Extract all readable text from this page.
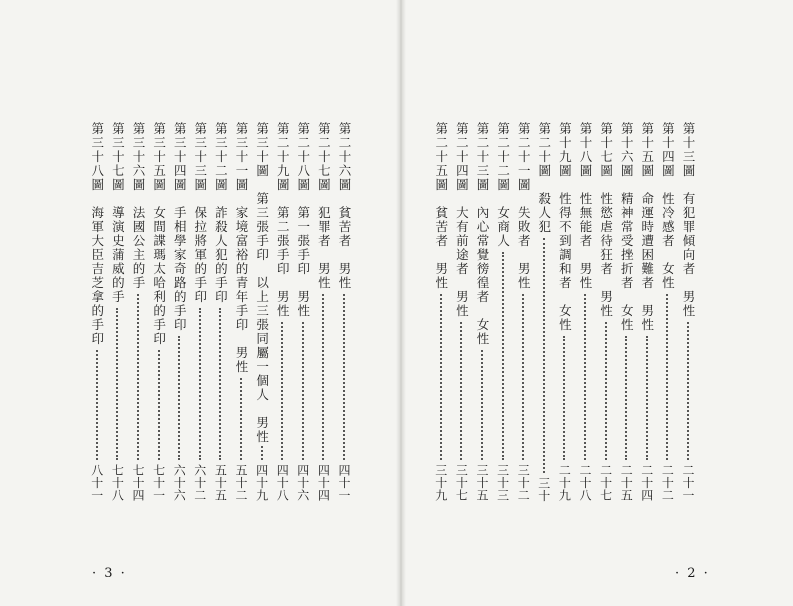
第二十六圖　貧苦者　男性
四十一
第二十七圖　犯罪者　男性
四十四
第二十八圖　第一張手印　男性
四十六
第二十九圖　第二張手印　男性
四十八
第三十圖　第三張手印　以上三張同屬一個人　男性
四十九
第三十一圖　家境富裕的青年手印　男性
五十二
第三十二圖　詐殺人犯的手印
五十五
第三十三圖　保拉將軍的手印
六十二
第三十四圖　手相學家奇路的手印
六十六
第三十五圖　女間諜瑪太哈利的手印
七十一
第三十六圖　法國公主的手
七十四
第三十七圖　導演史蒲威的手
七十八
第三十八圖　海軍大臣吉芝拿的手印
八十一
· 3 ·
第十三圖　有犯罪傾向者　男性
二十一
第十四圖　性冷感者　女性
二十二
第十五圖　命運時遭困難者　男性
二十四
第十六圖　精神常受挫折者　女性
二十五
第十七圖　性慾虐待狂者　男性
二十七
第十八圖　性無能者　男性
二十八
第十九圖　性得不到調和者　女性
二十九
第二十圖　殺人犯
三十
第二十一圖　失敗者　男性
三十二
第二十二圖　女商人
三十三
第二十三圖　內心常覺徬徨者　女性
三十五
第二十四圖　大有前途者　男性
三十七
第二十五圖　貧苦者　男性
三十九
· 2 ·
